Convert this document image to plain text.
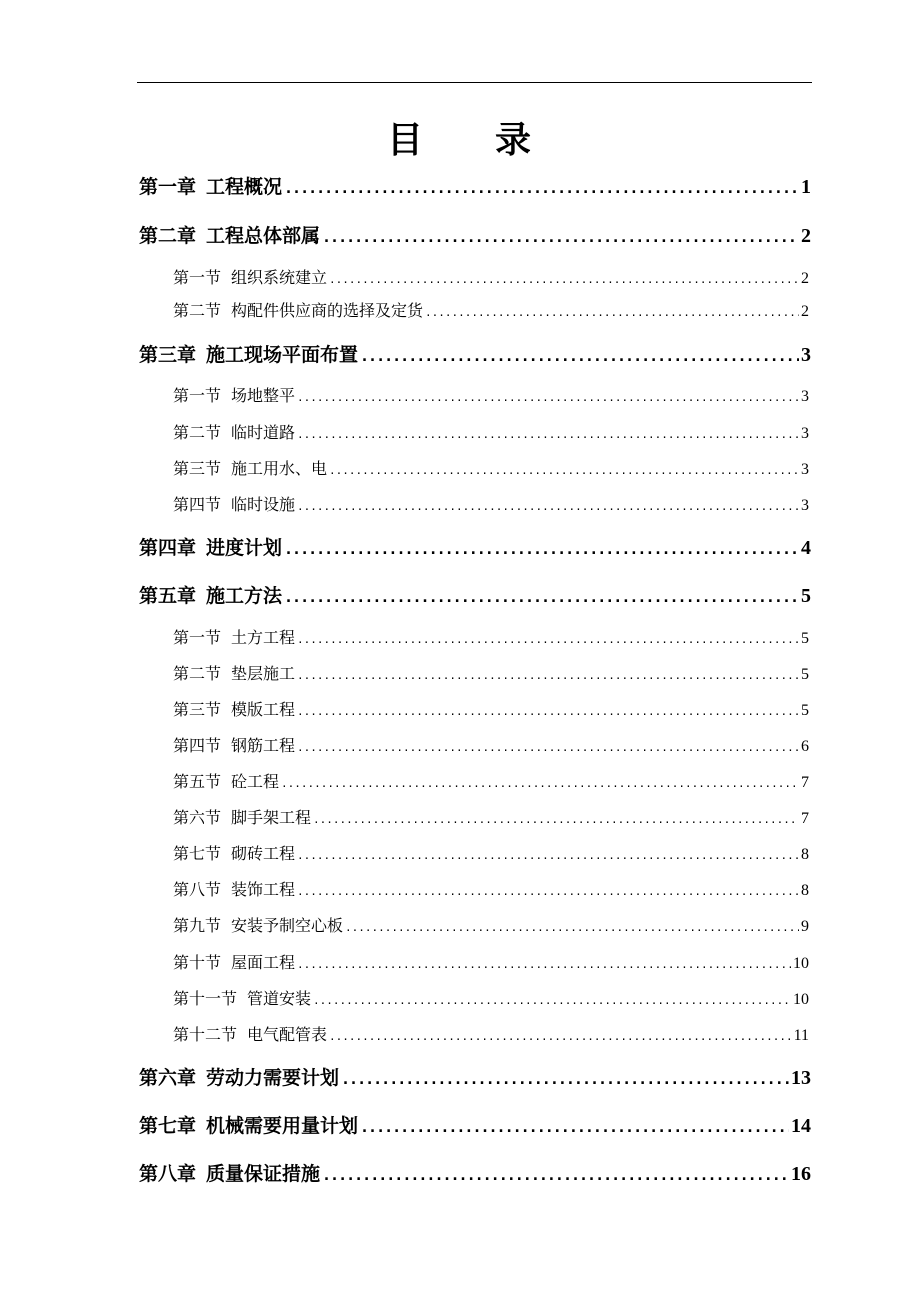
目 录
第一章 工程概况 .....	1
第二章 工程总体部属 .....	2
第一节 组织系统建立 .....	2
第二节 构配件供应商的选择及定货 .....	2
第三章 施工现场平面布置 .....	3
第一节 场地整平 .....	3
第二节 临时道路 .....	3
第三节 施工用水、电 .....	3
第四节 临时设施 .....	3
第四章 进度计划 .....	4
第五章 施工方法 .....	5
第一节 土方工程 .....	5
第二节 垫层施工 .....	5
第三节 模版工程 .....	5
第四节 钢筋工程 .....	6
第五节 砼工程 .....	7
第六节 脚手架工程 .....	7
第七节 砌砖工程 .....	8
第八节 装饰工程 .....	8
第九节 安装予制空心板 .....	9
第十节 屋面工程 .....	10
第十一节 管道安装 .....	10
第十二节 电气配管表 .....	11
第六章 劳动力需要计划 .....	13
第七章 机械需要用量计划 .....	14
第八章 质量保证措施 .....	16
